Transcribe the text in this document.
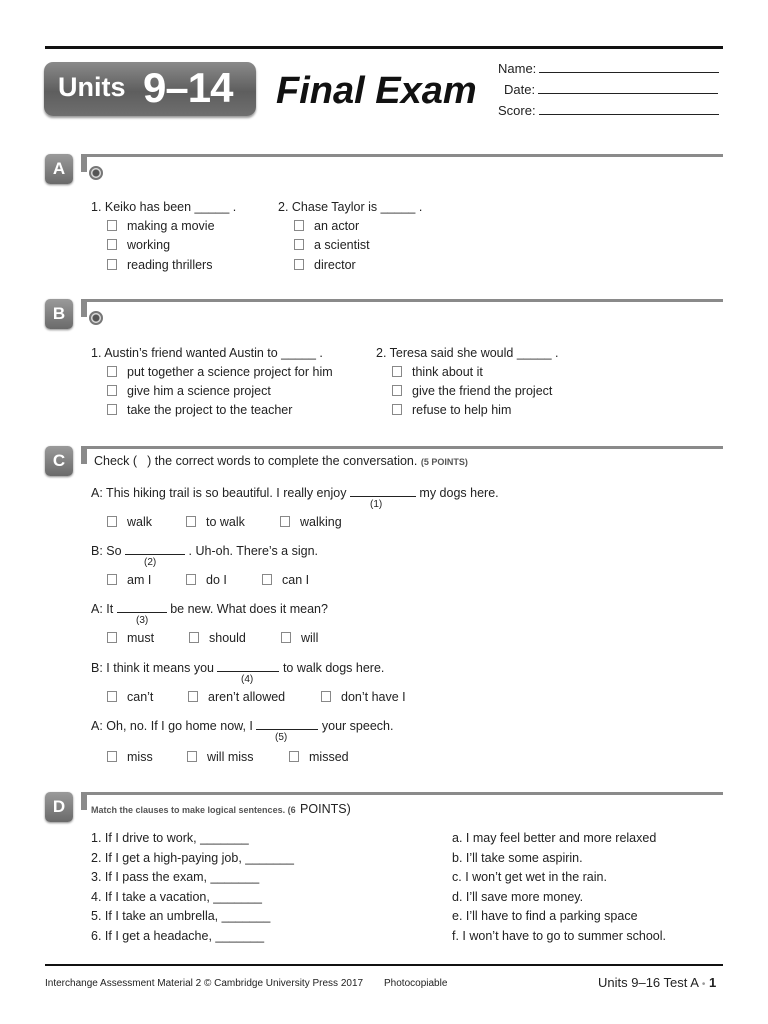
Units 9–14 Final Exam
Name:
Date:
Score:
A
1. Keiko has been _____ .
making a movie
working
reading thrillers
2. Chase Taylor is _____ .
an actor
a scientist
director
B
1. Austin’s friend wanted Austin to _____ .
put together a science project for him
give him a science project
take the project to the teacher
2. Teresa said she would _____ .
think about it
give the friend the project
refuse to help him
C	Check ( ) the correct words to complete the conversation. (5 POINTS)
A: This hiking trail is so beautiful. I really enjoy	my dogs here.
(1)
walk	to walk	walking
B: So	. Uh-oh. There’s a sign.
(2)
am I	do I	can I
A: It	be new. What does it mean?
(3)
must	should	will
B: I think it means you	to walk dogs here.
(4)
can’t	aren’t allowed	don’t have I
A: Oh, no. If I go home now, I	your speech.
(5)
miss	will miss	missed
D	Match the clauses to make logical sentences. (6 POINTS)
1. If I drive to work, _______
2. If I get a high-paying job, _______
3. If I pass the exam, _______
4. If I take a vacation, _______
5. If I take an umbrella, _______
6. If I get a headache, _______
a. I may feel better and more relaxed
b. I’ll take some aspirin.
c. I won’t get wet in the rain.
d. I’ll save more money.
e. I’ll have to find a parking space
f. I won’t have to go to summer school.
Interchange Assessment Material 2 © Cambridge University Press 2017 Photocopiable	Units 9–16 Test A • 1
